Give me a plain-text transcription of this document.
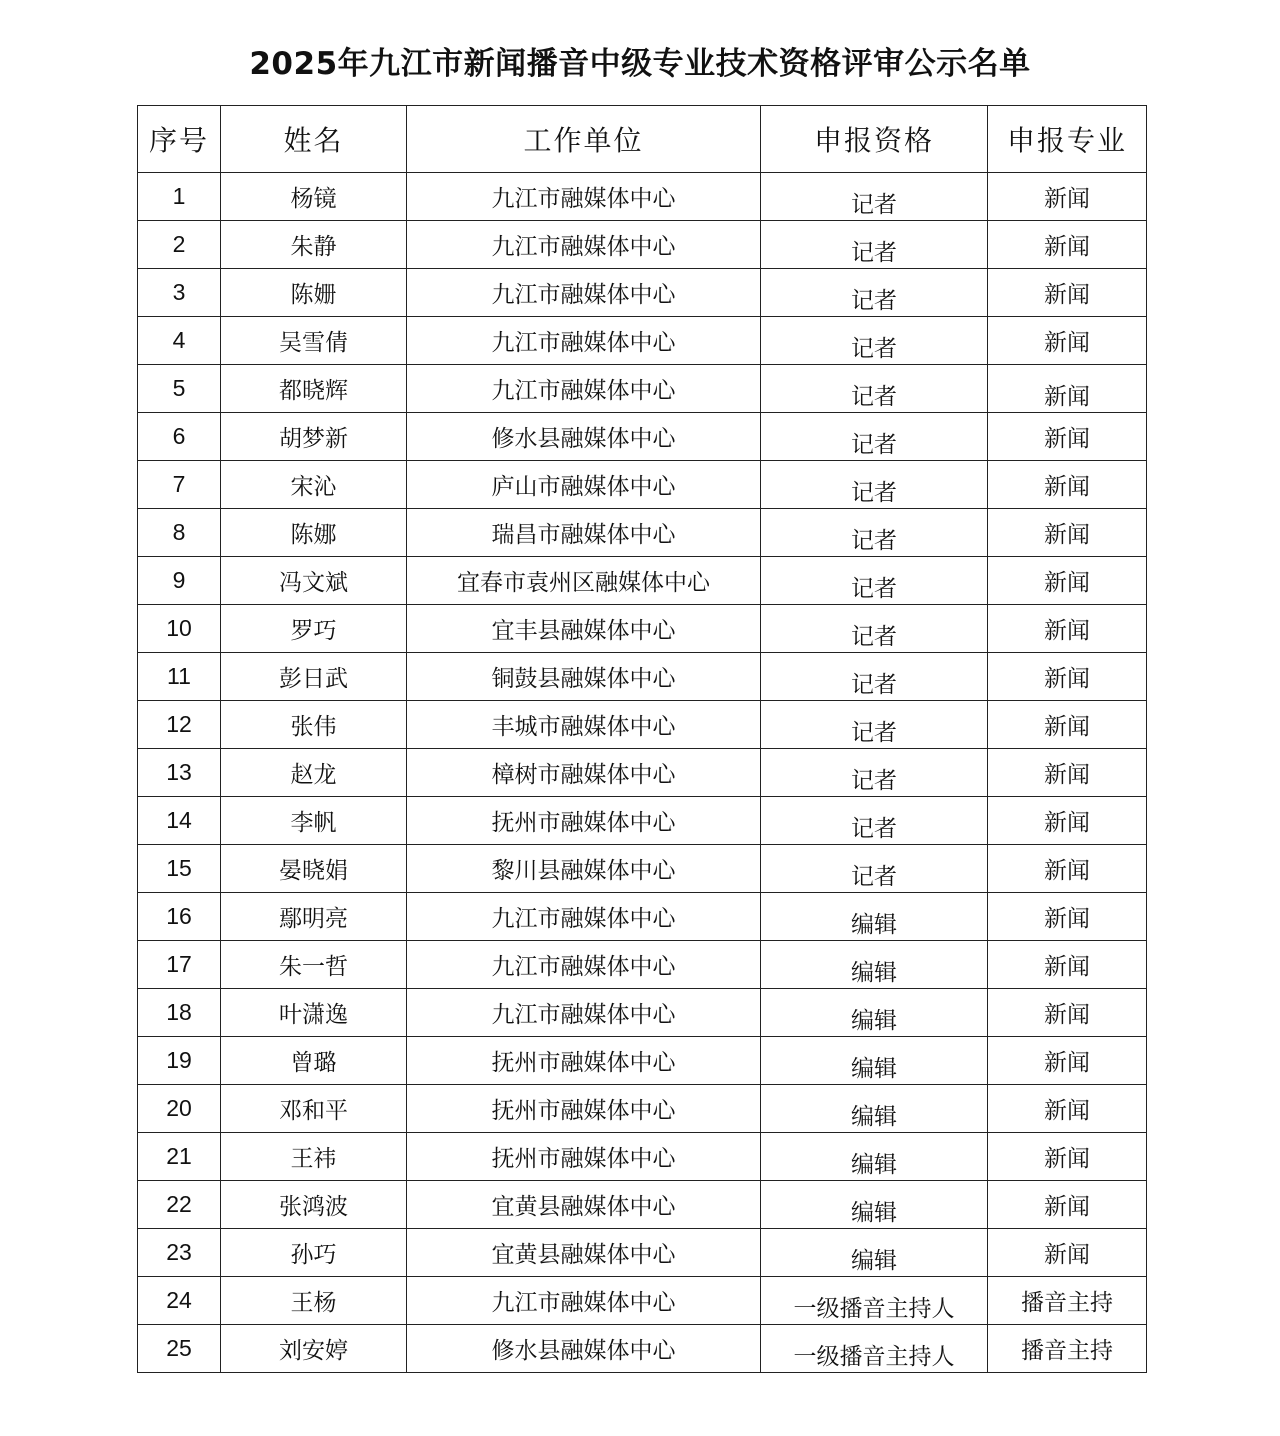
2025年九江市新闻播音中级专业技术资格评审公示名单
序号	姓名	工作单位	申报资格	申报专业
1	杨镜	九江市融媒体中心	记者	新闻
2	朱静	九江市融媒体中心	记者	新闻
3	陈姗	九江市融媒体中心	记者	新闻
4	吴雪倩	九江市融媒体中心	记者	新闻
5	都晓辉	九江市融媒体中心	记者	新闻
6	胡梦新	修水县融媒体中心	记者	新闻
7	宋沁	庐山市融媒体中心	记者	新闻
8	陈娜	瑞昌市融媒体中心	记者	新闻
9	冯文斌	宜春市袁州区融媒体中心	记者	新闻
10	罗巧	宜丰县融媒体中心	记者	新闻
11	彭日武	铜鼓县融媒体中心	记者	新闻
12	张伟	丰城市融媒体中心	记者	新闻
13	赵龙	樟树市融媒体中心	记者	新闻
14	李帆	抚州市融媒体中心	记者	新闻
15	晏晓娟	黎川县融媒体中心	记者	新闻
16	鄢明亮	九江市融媒体中心	编辑	新闻
17	朱一哲	九江市融媒体中心	编辑	新闻
18	叶潇逸	九江市融媒体中心	编辑	新闻
19	曾璐	抚州市融媒体中心	编辑	新闻
20	邓和平	抚州市融媒体中心	编辑	新闻
21	王祎	抚州市融媒体中心	编辑	新闻
22	张鸿波	宜黄县融媒体中心	编辑	新闻
23	孙巧	宜黄县融媒体中心	编辑	新闻
24	王杨	九江市融媒体中心	一级播音主持人	播音主持
25	刘安婷	修水县融媒体中心	一级播音主持人	播音主持
